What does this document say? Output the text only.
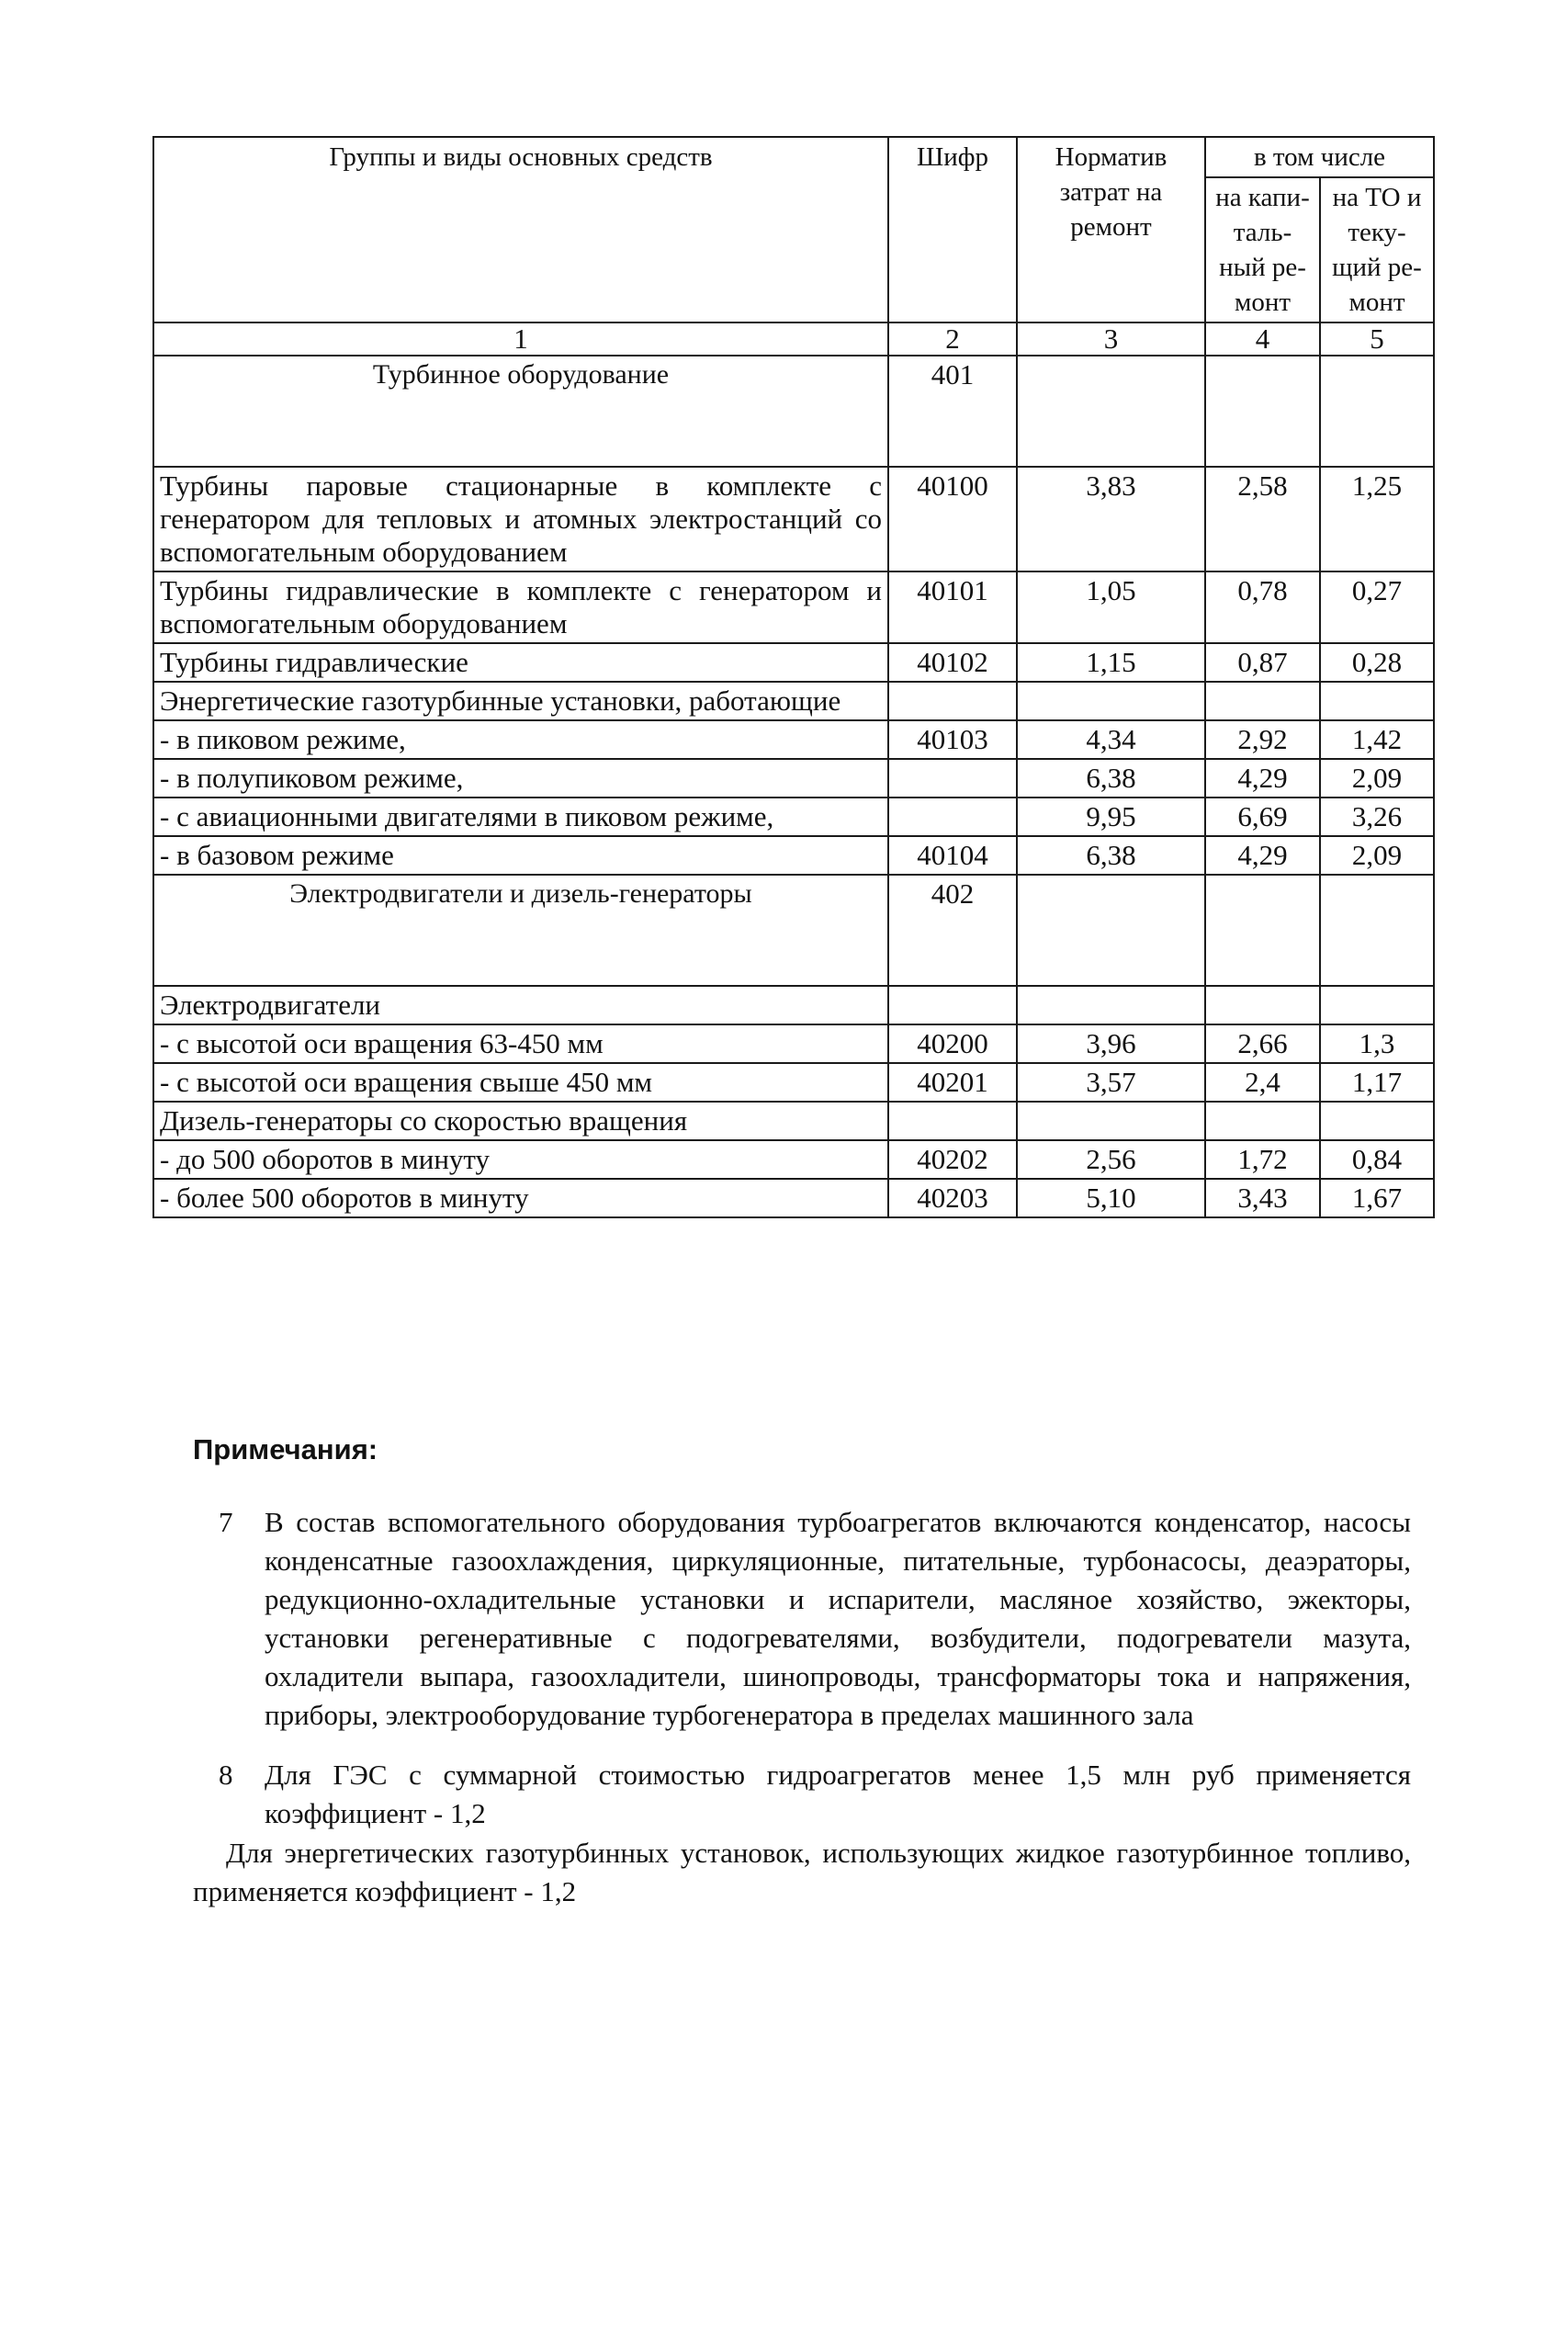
Группы и виды основных средств	Шифр	Норматив затрат на ремонт	в том числе	
			на капи-таль-ный ре-монт	на ТО и теку-щий ре-монт
1	2	3	4	5
Турбинное оборудование	401			
Турбины паровые стационарные в комплекте с генератором для тепловых и атомных электростанций со вспомогательным оборудованием	40100	3,83	2,58	1,25
Турбины гидравлические в комплекте с генератором и вспомогательным оборудованием	40101	1,05	0,78	0,27
Турбины гидравлические	40102	1,15	0,87	0,28
Энергетические газотурбинные установки, работающие				
- в пиковом режиме,	40103	4,34	2,92	1,42
- в полупиковом режиме,		6,38	4,29	2,09
- с авиационными двигателями в пиковом режиме,		9,95	6,69	3,26
- в базовом режиме	40104	6,38	4,29	2,09
Электродвигатели и дизель-генераторы	402			
Электродвигатели				
- с высотой оси вращения 63-450 мм	40200	3,96	2,66	1,3
- с высотой оси вращения свыше 450 мм	40201	3,57	2,4	1,17
Дизель-генераторы со скоростью вращения				
- до 500 оборотов в минуту	40202	2,56	1,72	0,84
- более 500 оборотов в минуту	40203	5,10	3,43	1,67
Примечания:
7 В состав вспомогательного оборудования турбоагрегатов включаются конденсатор, насосы конденсатные газоохлаждения, циркуляционные, питательные, турбонасосы, деаэраторы, редукционно-охладительные установки и испарители, масляное хозяйство, эжекторы, установки регенеративные с подогревателями, возбудители, подогреватели мазута, охладители выпара, газоохладители, шинопроводы, трансформаторы тока и напряжения, приборы, электрооборудование турбогенератора в пределах машинного зала
8 Для ГЭС с суммарной стоимостью гидроагрегатов менее 1,5 млн руб применяется коэффициент - 1,2
Для энергетических газотурбинных установок, использующих жидкое газотурбинное топливо, применяется коэффициент - 1,2
